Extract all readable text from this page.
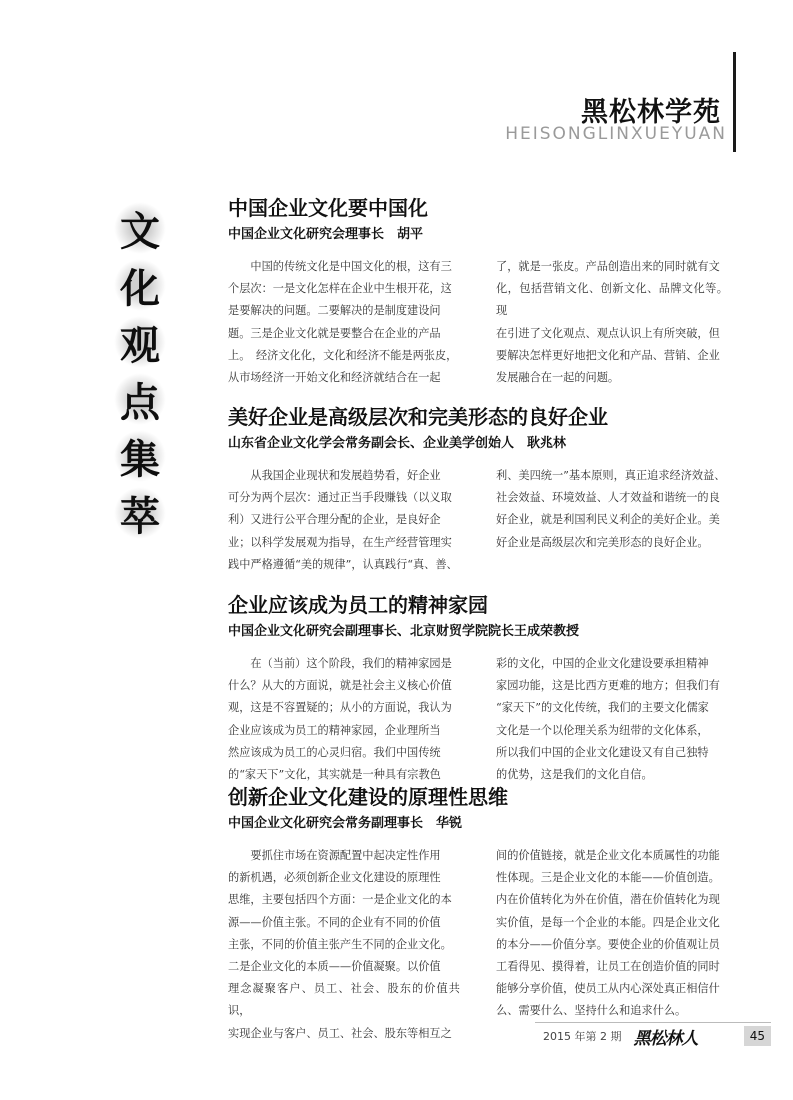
黑松林学苑
HEISONGLINXUEYUAN
文
化
观
点
集
萃
中国企业文化要中国化
中国企业文化研究会理事长　胡平
　　中国的传统文化是中国文化的根，这有三
个层次：一是文化怎样在企业中生根开花，这
是要解决的问题。二要解决的是制度建设问
题。三是企业文化就是要整合在企业的产品
上。　经济文化化，文化和经济不能是两张皮，
从市场经济一开始文化和经济就结合在一起
了，就是一张皮。产品创造出来的同时就有文
化，包括营销文化、创新文化、品牌文化等。现
在引进了文化观点、观点认识上有所突破，但
要解决怎样更好地把文化和产品、营销、企业
发展融合在一起的问题。
美好企业是高级层次和完美形态的良好企业
山东省企业文化学会常务副会长、企业美学创始人　耿兆林
　　从我国企业现状和发展趋势看，好企业
可分为两个层次：通过正当手段赚钱（以义取
利）又进行公平合理分配的企业，是良好企
业；以科学发展观为指导，在生产经营管理实
践中严格遵循“美的规律”，认真践行“真、善、
利、美四统一”基本原则，真正追求经济效益、
社会效益、环境效益、人才效益和谐统一的良
好企业，就是利国利民义利企的美好企业。美
好企业是高级层次和完美形态的良好企业。
企业应该成为员工的精神家园
中国企业文化研究会副理事长、北京财贸学院院长王成荣教授
　　在（当前）这个阶段，我们的精神家园是
什么？从大的方面说，就是社会主义核心价值
观，这是不容置疑的；从小的方面说，我认为
企业应该成为员工的精神家园，企业理所当
然应该成为员工的心灵归宿。我们中国传统
的“家天下”文化，其实就是一种具有宗教色
彩的文化，中国的企业文化建设要承担精神
家园功能，这是比西方更难的地方；但我们有
“家天下”的文化传统，我们的主要文化儒家
文化是一个以伦理关系为纽带的文化体系，
所以我们中国的企业文化建设又有自己独特
的优势，这是我们的文化自信。
创新企业文化建设的原理性思维
中国企业文化研究会常务副理事长　华锐
　　要抓住市场在资源配置中起决定性作用
的新机遇，必须创新企业文化建设的原理性
思维，主要包括四个方面：一是企业文化的本
源——价值主张。不同的企业有不同的价值
主张，不同的价值主张产生不同的企业文化。
二是企业文化的本质——价值凝聚。以价值
理念凝聚客户、员工、社会、股东的价值共识，
实现企业与客户、员工、社会、股东等相互之
间的价值链接，就是企业文化本质属性的功能
性体现。三是企业文化的本能——价值创造。
内在价值转化为外在价值，潜在价值转化为现
实价值，是每一个企业的本能。四是企业文化
的本分——价值分享。要使企业的价值观让员
工看得见、摸得着，让员工在创造价值的同时
能够分享价值，使员工从内心深处真正相信什
么、需要什么、坚持什么和追求什么。
2015 年第 2 期 黑松林人	45
